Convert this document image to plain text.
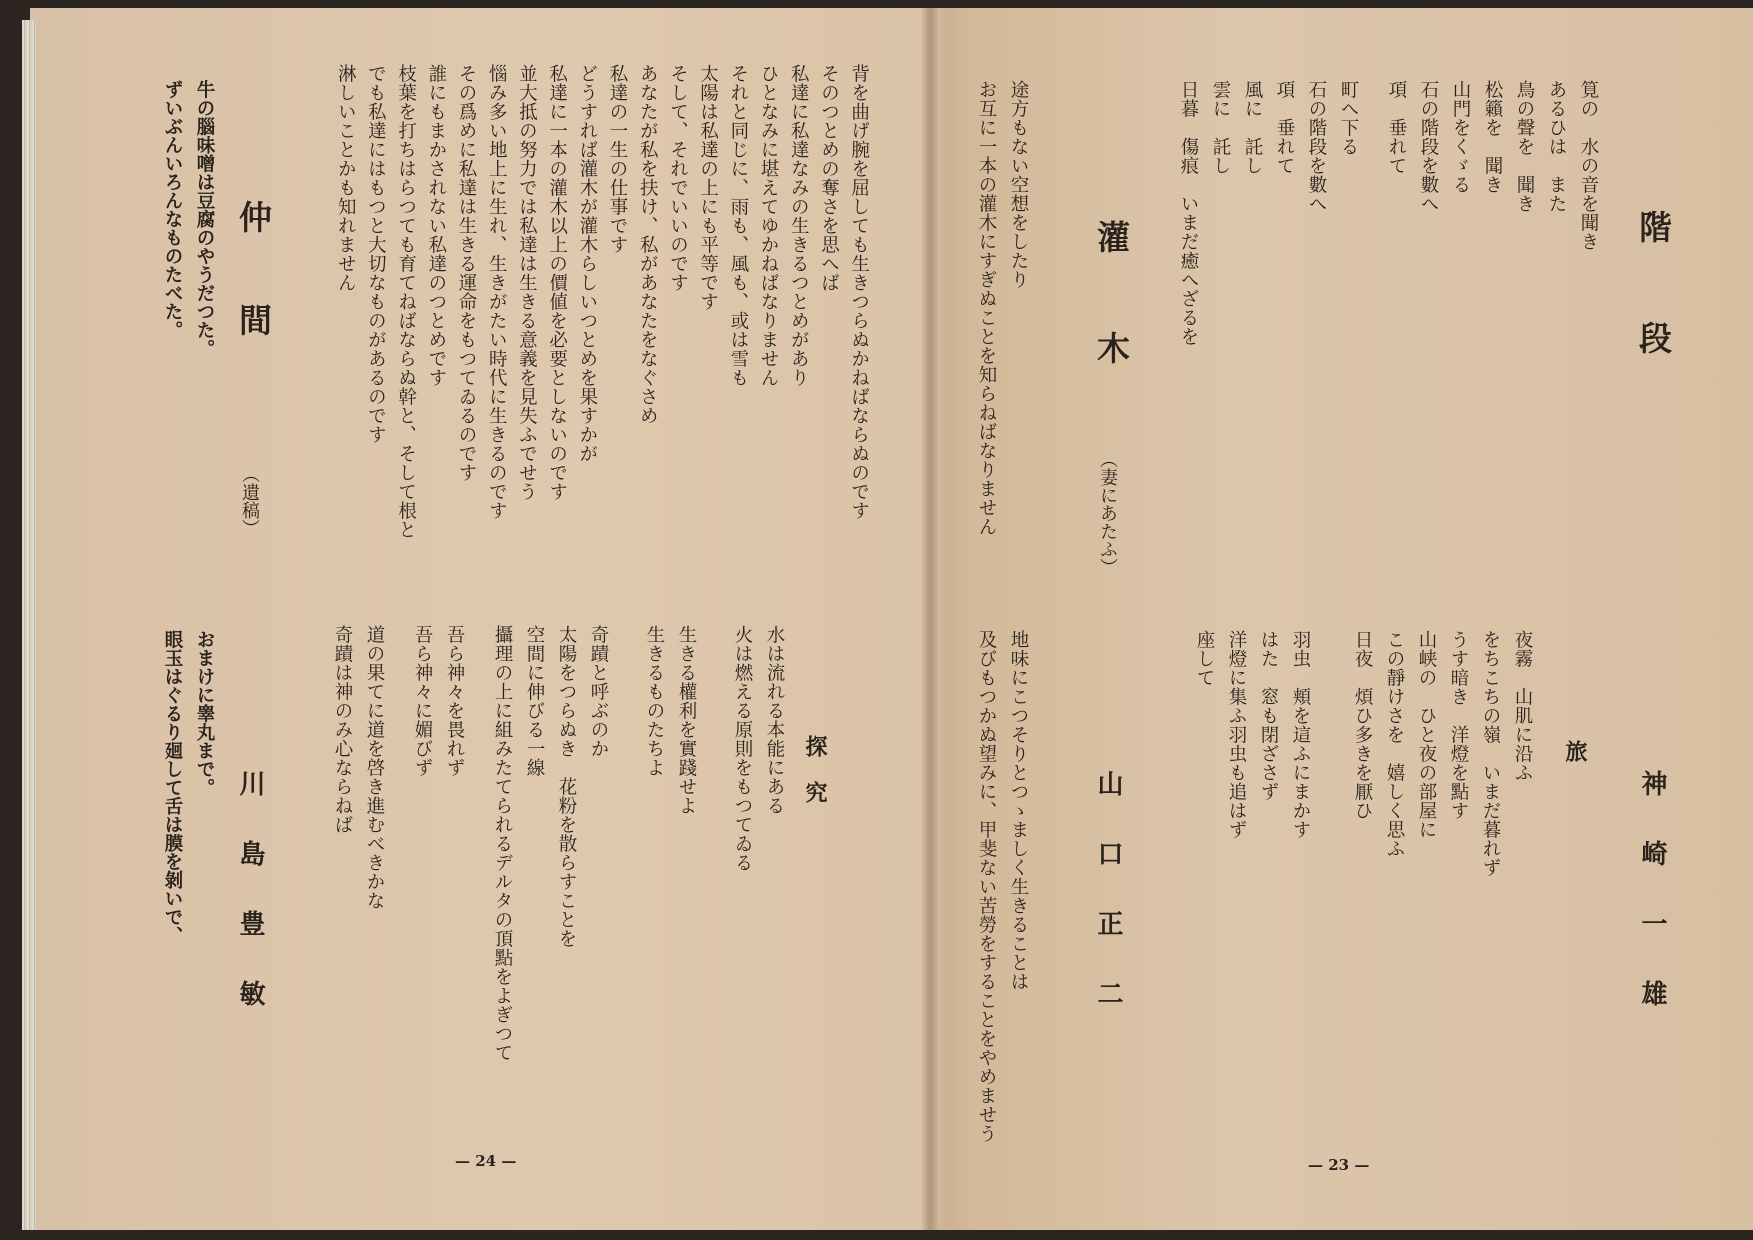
階段
神崎一雄
筧の　水の音を聞き
あるひは　また
鳥の聲を　聞き
松籟を　聞き
山門をくゞる
石の階段を數へ
項　垂れて
町へ下る
石の階段を數へ
項　垂れて
風に　託し
雲に　託し
日暮　傷痕　いまだ癒へざるを
旅
夜霧　山肌に沿ふ
をちこちの嶺　いまだ暮れず
うす暗き　洋燈を點す
山峡の　ひと夜の部屋に
この靜けさを　嬉しく思ふ
日夜　煩ひ多きを厭ひ
羽虫　頬を這ふにまかす
はた　窓も閉ざさず
洋燈に集ふ羽虫も追はず
座して
灌木
（妻にあたふ）
山口正二
途方もない空想をしたり
お互に一本の灌木にすぎぬことを知らねばなりません
地味にこつそりとつゝましく生きることは
及びもつかぬ望みに、甲斐ない苦勞をすることをやめませう
— 23 —
背を曲げ腕を屈しても生きつらぬかねばならぬのです
そのつとめの奪さを思へば
私達に私達なみの生きるつとめがあり
ひとなみに堪えてゆかねばなりません
それと同じに、雨も、風も、或は雪も
太陽は私達の上にも平等です
そして、それでいいのです
あなたが私を扶け、私があなたをなぐさめ
私達の一生の仕事です
どうすれば灌木が灌木らしいつとめを果すかが
私達に一本の灌木以上の價値を必要としないのです
並大抵の努力では私達は生きる意義を見失ふでせう
惱み多い地上に生れ、生きがたい時代に生きるのです
その爲めに私達は生きる運命をもつてゐるのです
誰にもまかされない私達のつとめです
枝葉を打ちはらつても育てねばならぬ幹と、そして根と
でも私達にはもつと大切なものがあるのです
淋しいことかも知れません
探究
水は流れる本能にある
火は燃える原則をもつてゐる
生きる權利を實踐せよ
生きるものたちよ
奇蹟と呼ぶのか
太陽をつらぬき　花粉を散らすことを
空間に伸びる一線
攝理の上に組みたてられるデルタの頂點をよぎつて
吾ら神々を畏れず
吾ら神々に媚びず
道の果てに道を啓き進むべきかな
奇蹟は神のみ心ならねば
仲間
（遺稿）
川島豊敏
牛の腦味噌は豆腐のやうだつた。
ずいぶんいろんなものたべた。
おまけに睾丸まで。
眼玉はぐるり廻して舌は膜を剝いで、
— 24 —
